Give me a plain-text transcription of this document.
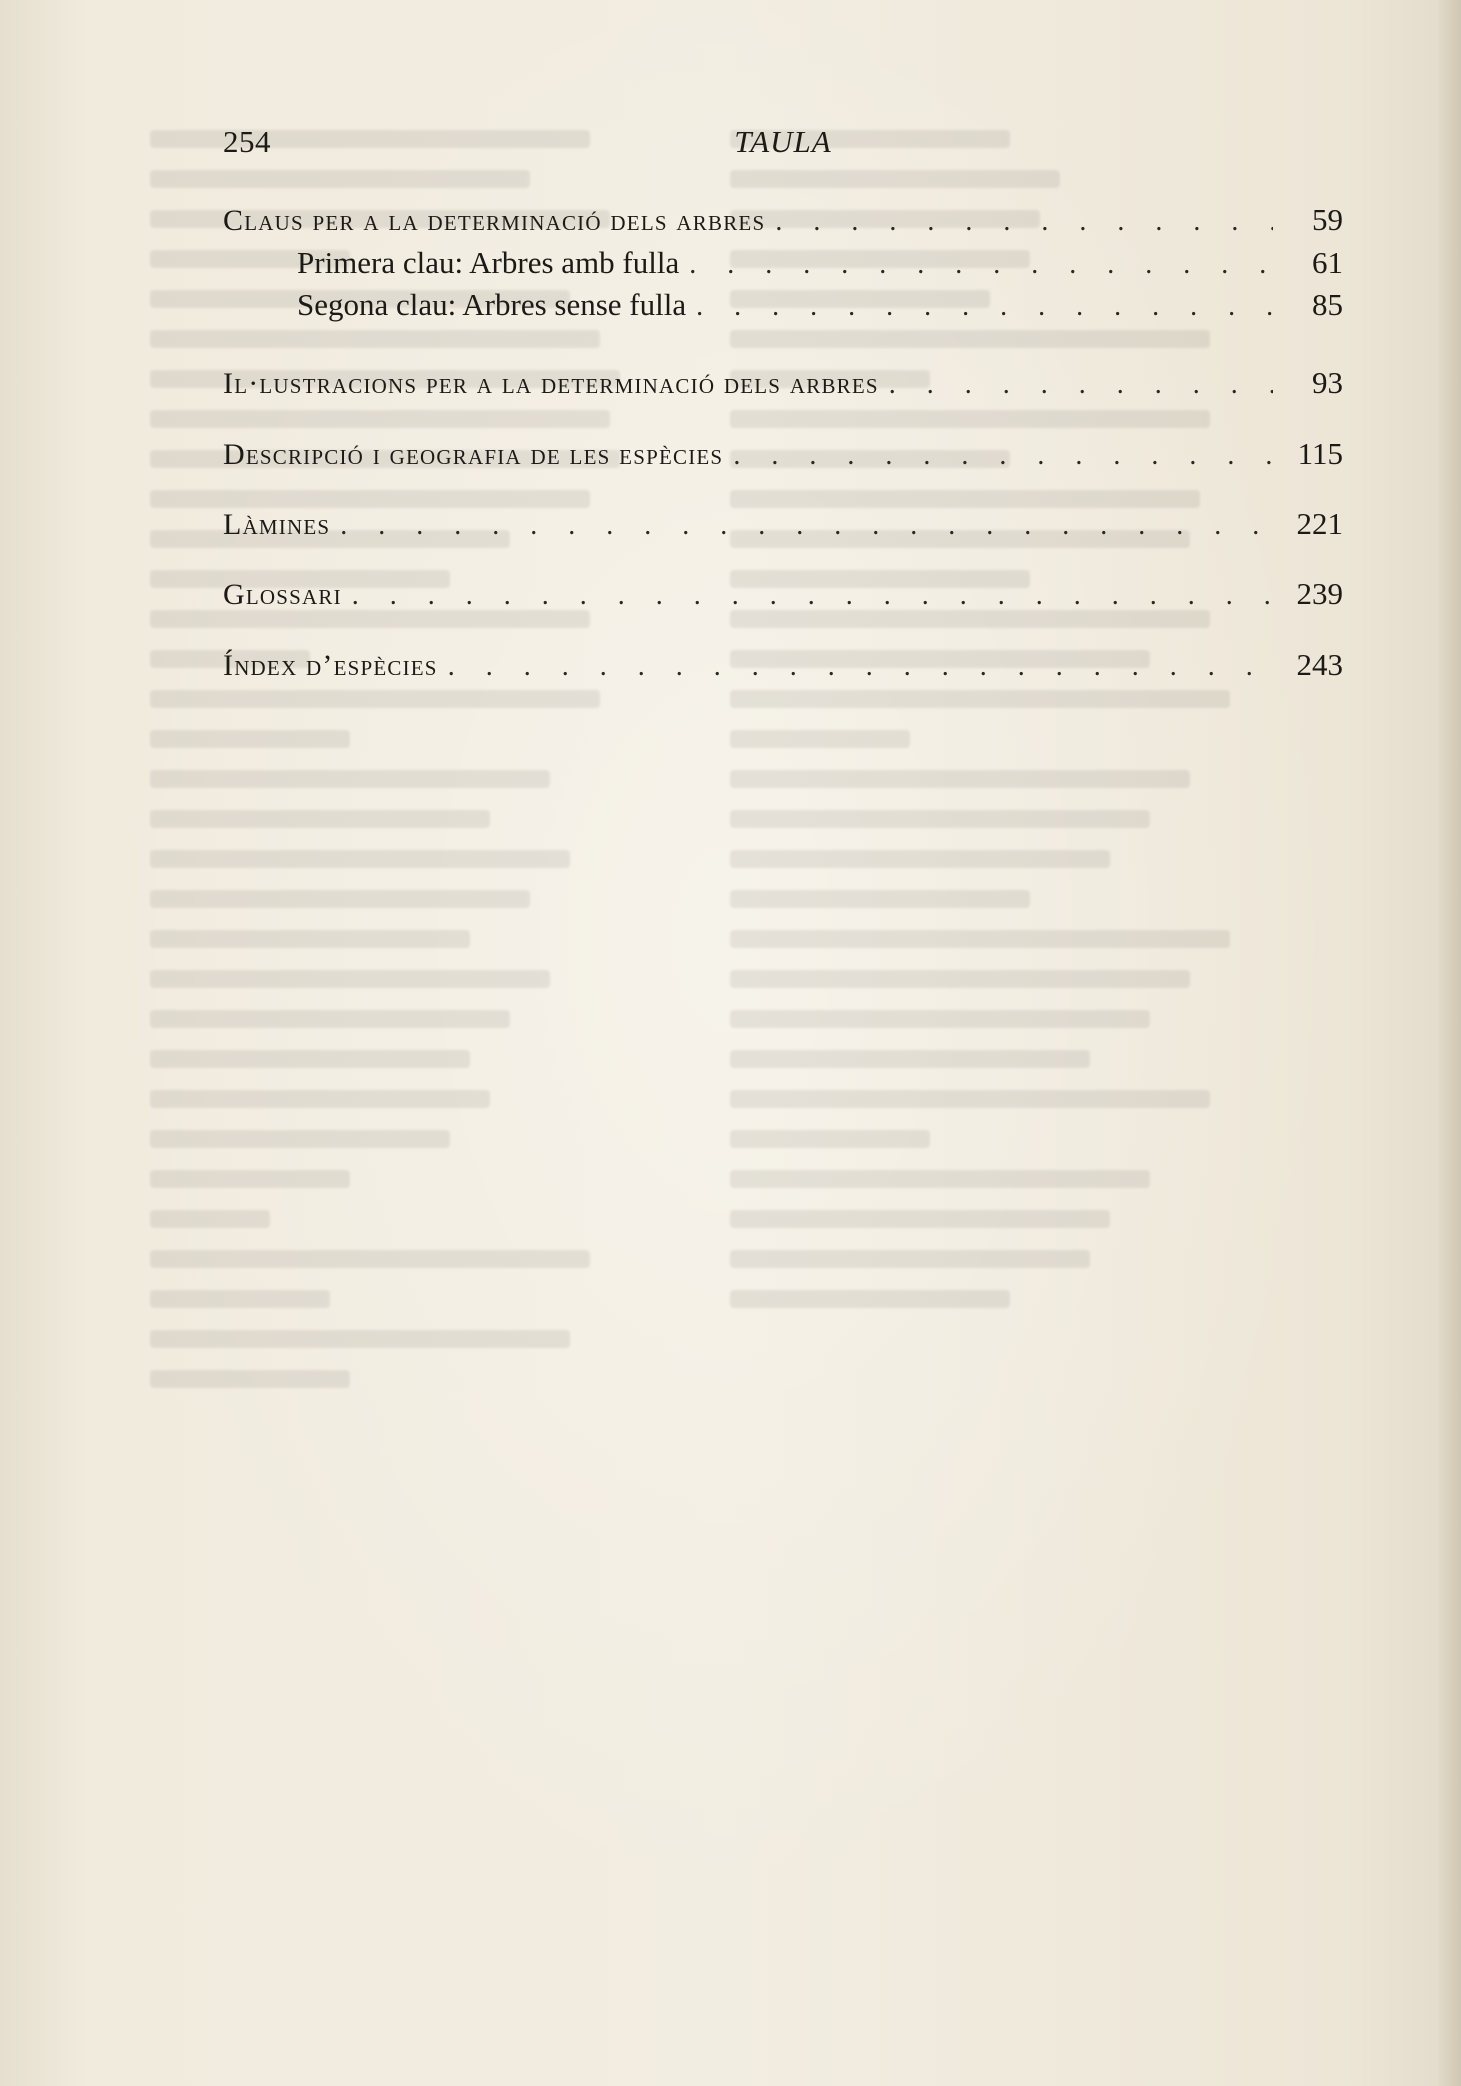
254	TAULA
Claus per a la determinació dels arbres . . .	59
Primera clau: Arbres amb fulla . . .	61
Segona clau: Arbres sense fulla . . .	85
Il·lustracions per a la determinació dels arbres . . .	93
Descripció i geografia de les espècies . . .	115
Làmines . . .	221
Glossari . . .	239
Índex d’espècies . . .	243
